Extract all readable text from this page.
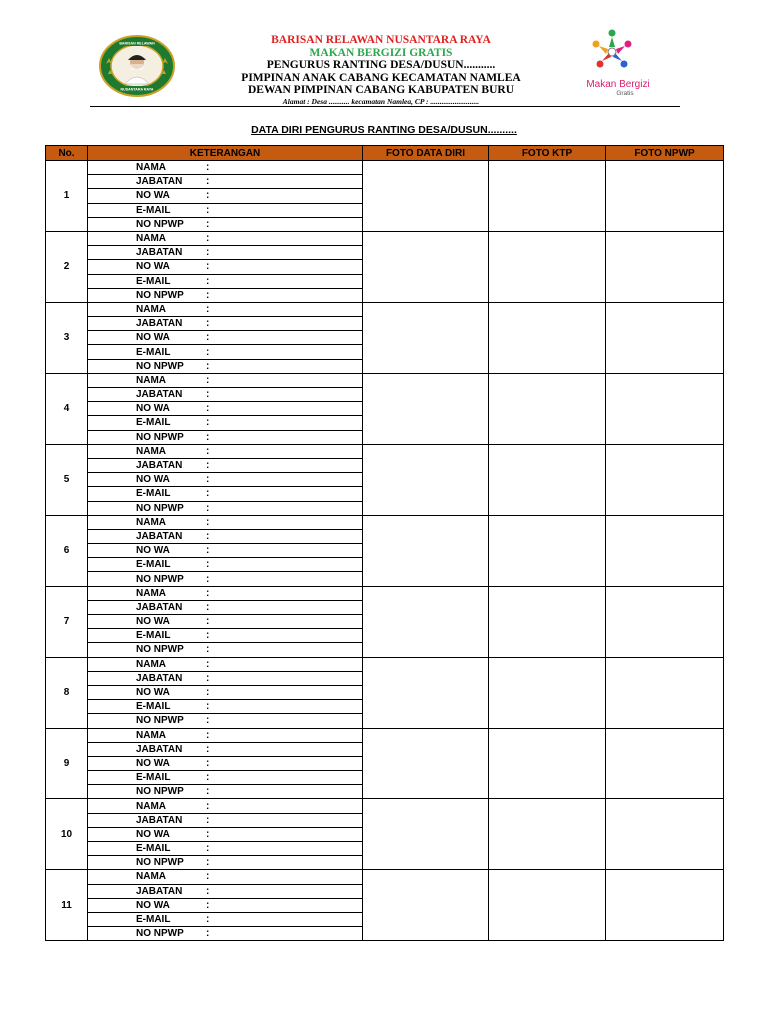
BARISAN RELAWAN
NUSANTARA RAYA
BARISAN RELAWAN NUSANTARA RAYA
MAKAN BERGIZI GRATIS
PENGURUS RANTING DESA/DUSUN...........
PIMPINAN ANAK CABANG KECAMATAN NAMLEA
DEWAN PIMPINAN CABANG KABUPATEN BURU
Alamat : Desa ........... kecamatan Namlea, CP : ..........................
Makan Bergizi
Gratis
DATA DIRI PENGURUS RANTING DESA/DUSUN..........
No.	KETERANGAN	FOTO DATA DIRI	FOTO KTP	FOTO NPWP
1	NAMA :			
	JABATAN :			
	NO WA :			
	E-MAIL :			
	NO NPWP :			
2	NAMA :			
	JABATAN :			
	NO WA :			
	E-MAIL :			
	NO NPWP :			
3	NAMA :			
	JABATAN :			
	NO WA :			
	E-MAIL :			
	NO NPWP :			
4	NAMA :			
	JABATAN :			
	NO WA :			
	E-MAIL :			
	NO NPWP :			
5	NAMA :			
	JABATAN :			
	NO WA :			
	E-MAIL :			
	NO NPWP :			
6	NAMA :			
	JABATAN :			
	NO WA :			
	E-MAIL :			
	NO NPWP :			
7	NAMA :			
	JABATAN :			
	NO WA :			
	E-MAIL :			
	NO NPWP :			
8	NAMA :			
	JABATAN :			
	NO WA :			
	E-MAIL :			
	NO NPWP :			
9	NAMA :			
	JABATAN :			
	NO WA :			
	E-MAIL :			
	NO NPWP :			
10	NAMA :			
	JABATAN :			
	NO WA :			
	E-MAIL :			
	NO NPWP :			
11	NAMA :			
	JABATAN :			
	NO WA :			
	E-MAIL :			
	NO NPWP :			
